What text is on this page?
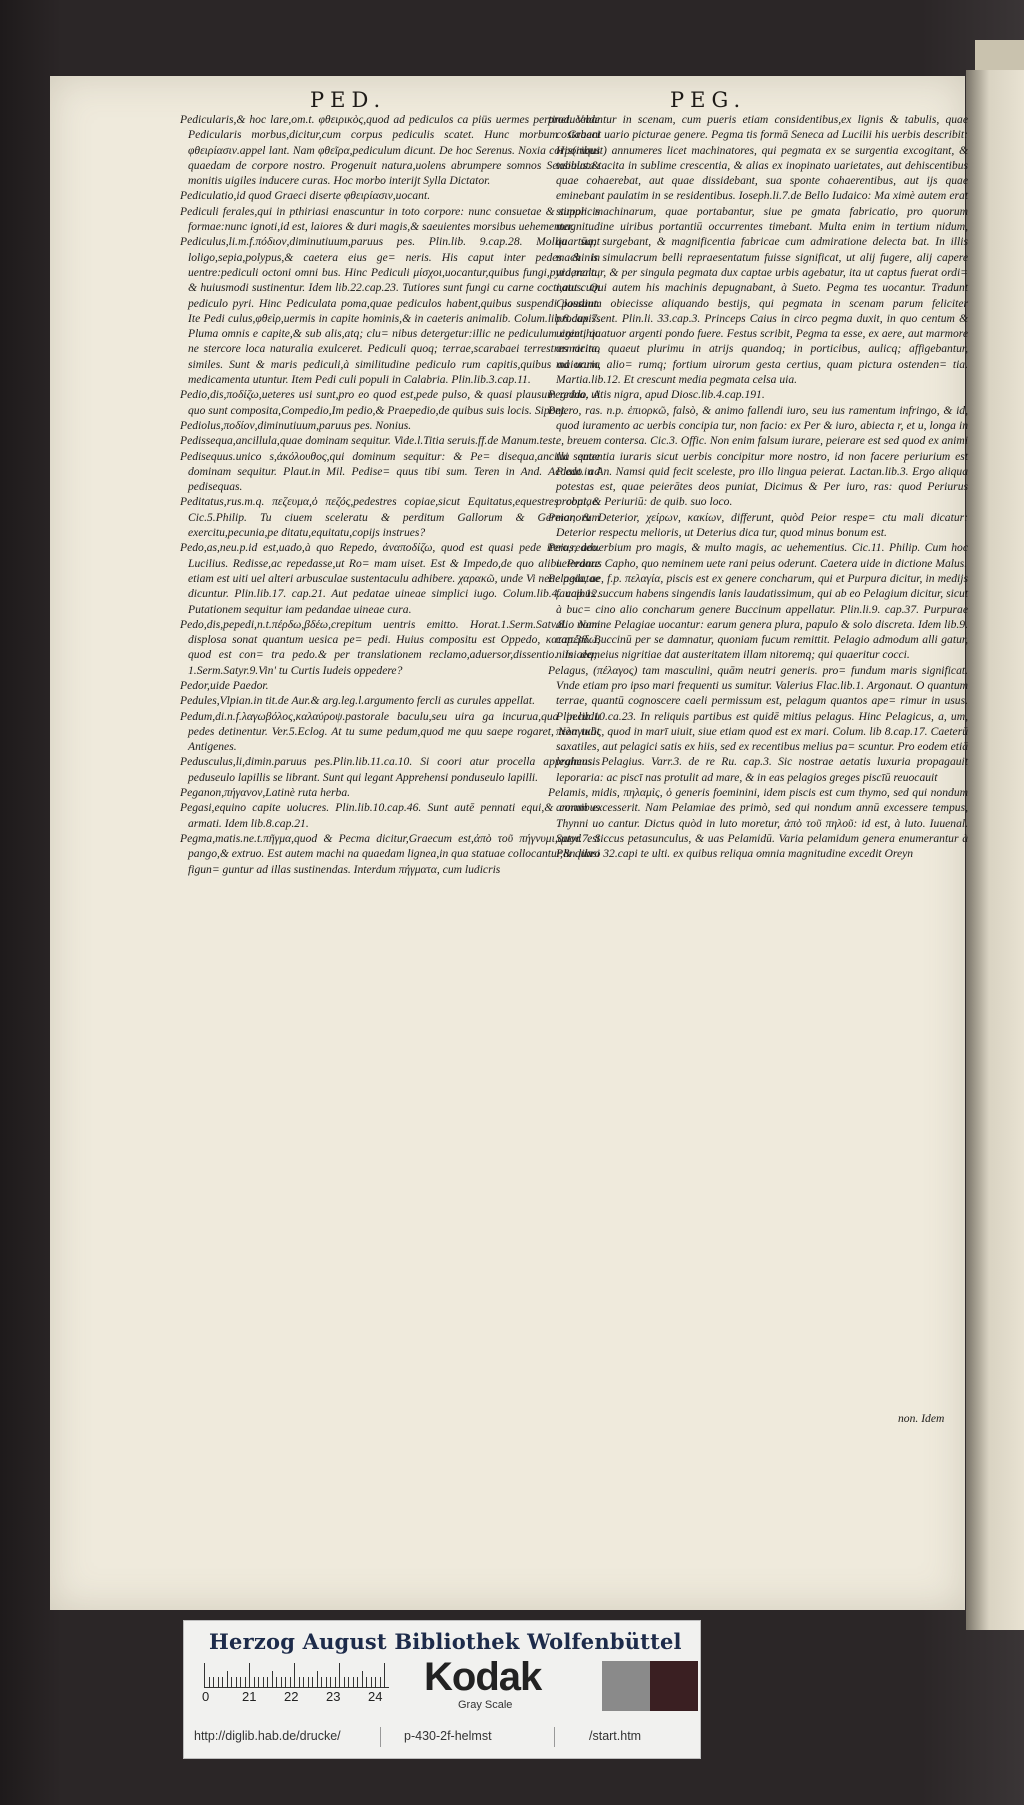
PED.	PEG.
Pedicularis,& hoc lare,om.t. φθειρικὸς,quod ad pediculos ca piüs uermes pertinet. Vnde Pedicularis morbus,dicitur,cum corpus pediculis scatet. Hunc morbum Graeci φθειρίασιν.appel lant. Nam φθεῖρα,pediculum dicunt. De hoc Serenus. Noxia corporibus quaedam de corpore nostro. Progenuit natura,uolens abrumpere somnos Sensibus:& monitis uigiles inducere curas. Hoc morbo interijt Sylla Dictator.
Pediculatio,id quod Graeci diserte φθειρίασιν,uocant.
Pediculi ferales,qui in pthiriasi enascuntur in toto corpore: nunc consuetae & simplicis formae:nunc ignoti,id est, laiores & duri magis,& saeuientes morsibus uehementer.
Pediculus,li.m.f.πόδιον,diminutiuum,paruus pes. Plin.lib. 9.cap.28. Mollia sunt loligo,sepia,polypus,& caetera eius ge= neris. His caput inter pedes & in uentre:pediculi octoni omni bus. Hinc Pediculi μίσχοι,uocantur,quibus fungi,pyra,mala, & huiusmodi sustinentur. Idem lib.22.cap.23. Tutiores sunt fungi cu carne cocti,aut cum pediculo pyri. Hinc Pediculata poma,quae pediculos habent,quibus suspendi possunt. Ite Pedi culus,φθεὶρ,uermis in capite hominis,& in caeteris animalib. Colum.lib.8.cap.7. Pluma omnis e capite,& sub alis,atq; clu= nibus detergetur:illic ne pediculum creet,hic ne stercore loca naturalia exulceret. Pediculi quoq; terrae,scarabaei terrestres ricino similes. Sunt & maris pediculi,à similitudine pediculo rum capitis,quibus ad uaria medicamenta utuntur. Item Pedi culi populi in Calabria. Plin.lib.3.cap.11.
Pedio,dis,ποδίζω,ueteres usi sunt,pro eo quod est,pede pulso, & quasi plausum reddo. A quo sunt composita,Compedio,Im pedio,& Praepedio,de quibus suis locis. Sipont.
Pediolus,ποδίον,diminutiuum,paruus pes. Nonius.
Pedissequa,ancillula,quae dominam sequitur. Vide.l.Titia seruis.ff.de Manum.test.
Pedisequus.unico s,ἀκόλουθος,qui dominum sequitur: & Pe= disequa,ancilla quae dominam sequitur. Plaut.in Mil. Pedise= quus tibi sum. Teren in And. Accedo ad pedisequas.
Peditatus,rus.m.q. πεζευμα,ὁ πεζός,pedestres copiae,sicut Equitatus,equestres copiae. Cic.5.Philip. Tu ciuem sceleratu & perditum Gallorum & Germanorum exercitu,pecunia,pe ditatu,equitatu,copijs instrues?
Pedo,as,neu.p.id est,uado,à quo Repedo, ἀναποδίζω, quod est quasi pede itero,redeo. Lucilius. Redisse,ac repedasse,ut Ro= mam uiset. Est & Impedo,de quo alibi. Pedare etiam est uiti uel alteri arbusculae sustentaculu adhibere. χαρακῶ, unde Vi neae pedatae dicuntur. Plin.lib.17. cap.21. Aut pedatae uineae simplici iugo. Colum.lib.4. cap.12. Putationem sequitur iam pedandae uineae cura.
Pedo,dis,pepedi,n.t.πέρδω,βδέω,crepitum uentris emitto. Horat.1.Serm.Satv.8. Nam displosa sonat quantum uesica pe= pedi. Huius compositu est Oppedo, καταπέρδω, quod est con= tra pedo.& per translationem reclamo,aduersor,dissentio. Is dem 1.Serm.Satyr.9.Vin' tu Curtis Iudeis oppedere?
Pedor,uide Paedor.
Pedules,Vlpian.in tit.de Aur.& arg.leg.l.argumento fercli as curules appellat.
Pedum,di.n.f.λαγωβόλος,καλαύροψ.pastorale baculu,seu uira ga incurua,qua pecudu pedes detinentur. Ver.5.Eclog. At tu sume pedum,quod me quu saepe rogaret, Non tulit Antigenes.
Pedusculus,li,dimin.paruus pes.Plin.lib.11.ca.10. Si coori atur procella apprahensis peduseulo lapillis se librant. Sunt qui legant Apprehensi ponduseulo lapilli.
Peganon,πήγανον,Latinè ruta herba.
Pegasi,equino capite uolucres. Plin.lib.10.cap.46. Sunt autē pennati equi,& cornibus armati. Idem lib.8.cap.21.
Pegma,matis.ne.t.πῆγμα,quod & Pecma dicitur,Graecum est,ἀπὸ τοῦ πήγνυμι,quod est pango,& extruo. Est autem machi na quaedam lignea,in qua statuae collocantur,& quasi figun= guntur ad illas sustinendas. Interdum πήγματα, cum ludicris
producebantur in scenam, cum pueris etiam considentibus,ex lignis & tabulis, quae costabant uario picturae genere. Pegma tis formā Seneca ad Lucilii his uerbis describit: His(inquit) annumeres licet machinatores, qui pegmata ex se surgentia excogitant, & tabulata tacita in sublime crescentia, & alias ex inopinato uarietates, aut dehiscentibus quae cohaerebat, aut quae dissidebant, sua sponte cohaerentibus, aut ijs quae eminebant paulatim in se residentibus. Ioseph.li.7.de Bello Iudaico: Ma ximè autem erat stupor machinarum, quae portabantur, siue pe gmata fabricatio, pro quorum magnitudine uiribus portantiū occurrentes timebant. Multa enim in tertium nidum, quartūq; surgebant, & magnificentia fabricae cum admiratione delecta bat. In illis machinis simulacrum belli repraesentatum fuisse significat, ut alij fugere, alij capere uiderentur, & per singula pegmata dux captae urbis agebatur, ita ut captus fuerat ordi= natus. Qui autem his machinis depugnabant, à Sueto. Pegma tes uocantur. Tradunt Claudium obiecisse aliquando bestijs, qui pegmata in scenam parum feliciter produxissent. Plin.li. 33.cap.3. Princeps Caius in circo pegma duxit, in quo centum & uiginti quatuor argenti pondo fuere. Festus scribit, Pegma ta esse, ex aere, aut marmore armarita, quaeut plurimu in atrijs quandoq; in porticibus, aulicq; affigebantur, maiorum, alio= rumq; fortium uirorum gesta certius, quam pictura ostenden= tia. Martia.lib.12. Et crescunt media pegmata celsa uia.
Pegrina, uitis nigra, apud Diosc.lib.4.cap.191.
Pejero, ras. n.p. ἐπιορκῶ, falsò, & animo fallendi iuro, seu ius ramentum infringo, & id, quod iuramento ac uerbis concipia tur, non facio: ex Per & iuro, abiecta r, et u, longa in e, breuem contersa. Cic.3. Offic. Non enim falsum iurare, peierare est sed quod ex animi tui sententia iuraris sicut uerbis concipitur more nostro, id non facere periurium est Plaut.in An. Namsi quid fecit sceleste, pro illo lingua peierat. Lactan.lib.3. Ergo aliqua potestas est, quae peierātes deos puniat, Dicimus & Per iuro, ras: quod Periurus probat, & Periuriū: de quib. suo loco.
Peior, & Deterior, χείρων, κακίων, differunt, quòd Peior respe= ctu mali dicatur: Deterior respectu melioris, ut Deterius dica tur, quod minus bonum est.
Peius, aduerbium pro magis, & multo magis, ac uehementius. Cic.11. Philip. Cum hoc ueteranus Capho, quo neminem uete rani peius oderunt. Caetera uide in dictione Malus.
Pelagia, ae, f.p. πελαγία, piscis est ex genere concharum, qui et Purpura dicitur, in medijs faucibus succum habens singendis lanis laudatissimum, qui ab eo Pelagium dicitur, sicut à buc= cino alio concharum genere Buccinum appellatur. Plin.li.9. cap.37. Purpurae alio nomine Pelagiae uocantur: earum genera plura, papulo & solo discreta. Idem lib.9. cap.38. Buccinū per se damnatur, quoniam fucum remittit. Pelagio admodum alli gatur, nimiaeq; eius nigritiae dat austeritatem illam nitoremq; qui quaeritur cocci.
Pelagus, (πέλαγος) tam masculini, quām neutri generis. pro= fundum maris significat. Vnde etiam pro ipso mari frequenti us sumitur. Valerius Flac.lib.1. Argonaut. O quantum terrae, quantū cognoscere caeli permissum est, pelagum quantos ape= rimur in usus. Plin.lib.10.ca.23. In reliquis partibus est quidē mitius pelagus. Hinc Pelagicus, a, um, πελαγικὸς, quod in marī uiuit, siue etiam quod est ex mari. Colum. lib 8.cap.17. Caeterū saxatiles, aut pelagici satis ex hiis, sed ex recentibus melius pa= scuntur. Pro eodem etiā legimus. Pelagius. Varr.3. de re Ru. cap.3. Sic nostrae aetatis luxuria propagauit leporaria: ac piscī nas protulit ad mare, & in eas pelagios greges piscīū reuocauit
Pelamis, midis, πηλαμὶς, ὁ generis foeminini, idem piscis est cum thymo, sed qui nondum annum excesserit. Nam Pelamiae des primò, sed qui nondum annū excessere tempus, Thynni uo cantur. Dictus quòd in luto moretur, ἀπὸ τοῦ πηλοῦ: id est, à luto. Iuuenal. Satyr.7. Siccus petasunculus, & uas Pelamidū. Varia pelamidum genera enumerantur à Plin.libro 32.capi te ulti. ex quibus reliqua omnia magnitudine excedit Oreyn
non. Idem
Herzog August Bibliothek Wolfenbüttel
0	21 22 23 24 Kodak
Gray Scale
http://diglib.hab.de/drucke/	p-430-2f-helmst	/start.htm
